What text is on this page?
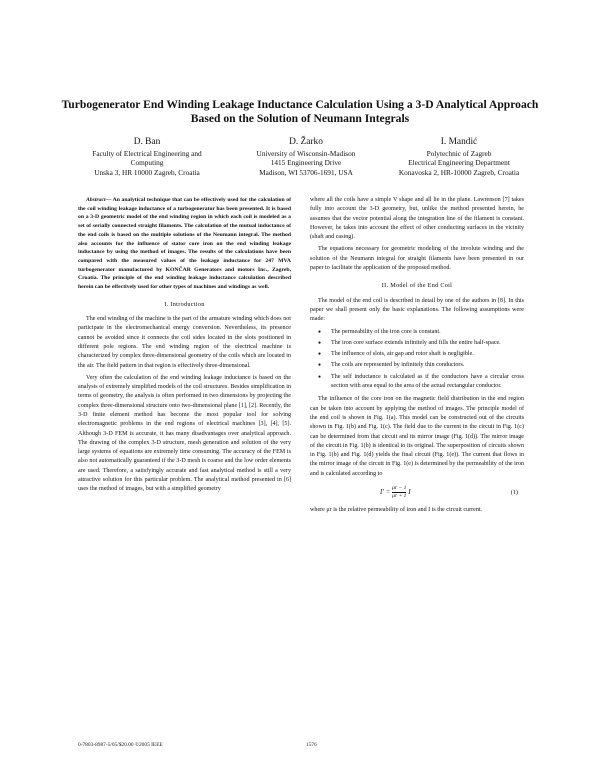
Turbogenerator End Winding Leakage Inductance Calculation Using a 3-D Analytical Approach Based on the Solution of Neumann Integrals
D. Ban
Faculty of Electrical Engineering and
Computing
Unska 3, HR 10000 Zagreb, Croatia
D. Žarko
University of Wisconsin-Madison
1415 Engineering Drive
Madison, WI 53706-1691, USA
I. Mandić
Polytechnic of Zagreb
Electrical Engineering Department
Konavoska 2, HR-10000 Zagreb, Croatia

Abstract— An analytical technique that can be effectively used for the calculation of the coil winding leakage inductance of a turbogenerator has been presented. It is based on a 3-D geometric model of the end winding region in which each coil is modeled as a set of serially connected straight filaments. The calculation of the mutual inductance of the end coils is based on the multiple solutions of the Neumann integral. The method also accounts for the influence of stator core iron on the end winding leakage inductance by using the method of images. The results of the calculations have been compared with the measured values of the leakage inductance for 247 MVA turbogenerator manufactured by KONČAR Generators and motors Inc., Zagreb, Croatia. The principle of the end winding leakage inductance calculation described herein can be effectively used for other types of machines and windings as well.

I. Introduction

The end winding of the machine is the part of the armature winding which does not participate in the electromechanical energy conversion. Nevertheless, its presence cannot be avoided since it connects the coil sides located in the slots positioned in different pole regions. The end winding region of the electrical machine is characterized by complex three-dimensional geometry of the coils which are located in the air. The field pattern in that region is effectively three-dimensional.

Very often the calculation of the end winding leakage inductance is based on the analysis of extremely simplified models of the coil structures. Besides simplification in terms of geometry, the analysis is often performed in two dimensions by projecting the complex three-dimensional structure onto two-dimensional plane [1], [2]. Recently, the 3-D finite element method has become the most popular tool for solving electromagnetic problems in the end regions of electrical machines [3], [4], [5]. Although 3-D FEM is accurate, it has many disadvantages over analytical approach. The drawing of the complex 3-D structure, mesh generation and solution of the very large systems of equations are extremely time consuming. The accuracy of the FEM is also not automatically guaranteed if the 3-D mesh is coarse and the low order elements are used. Therefore, a satisfyingly accurate and fast analytical method is still a very attractive solution for this particular problem. The analytical method presented in [6] uses the method of images, but with a simplified geometry

where all the coils have a simple V shape and all lie in the plane. Lawrenson [7] takes fully into account the 3-D geometry, but, unlike the method presented herein, he assumes that the vector potential along the integration line of the filament is constant. However, he takes into account the effect of other conducting surfaces in the vicinity (shaft and casing).

The equations necessary for geometric modeling of the involute winding and the solution of the Neumann integral for straight filaments have been presented in our paper to facilitate the application of the proposed method.

II. Model of the End Coil

The model of the end coil is described in detail by one of the authors in [8]. In this paper we shall present only the basic explanations. The following assumptions were made:

● The permeability of the iron core is constant.
● The iron core surface extends infinitely and fills the entire half-space.
● The influence of slots, air gap and rotor shaft is negligible.
● The coils are represented by infinitely thin conductors.
● The self inductance is calculated as if the conductors have a circular cross section with area equal to the area of the actual rectangular conductor.

The influence of the core iron on the magnetic field distribution in the end region can be taken into account by applying the method of images. The principle model of the end coil is shown in Fig. 1(a). This model can be constructed out of the circuits shown in Fig. 1(b) and Fig. 1(c). The field due to the current in the circuit in Fig. 1(c) can be determined from that circuit and its mirror image (Fig. 1(d)). The mirror image of the circuit in Fig. 1(b) is identical to its original. The superposition of circuits shown in Fig. 1(b) and Fig. 1(d) yields the final circuit (Fig. 1(e)). The current that flows in the mirror image of the circuit in Fig. 1(e) is determined by the permeability of the iron and is calculated according to

$I' = \frac{\mu r - 1}{\mu r + 1}$ I	(1)

where μr is the relative permeability of iron and I is the circuit current.

0-7803-8987-5/05/$20.00 ©2005 IEEE	1576
